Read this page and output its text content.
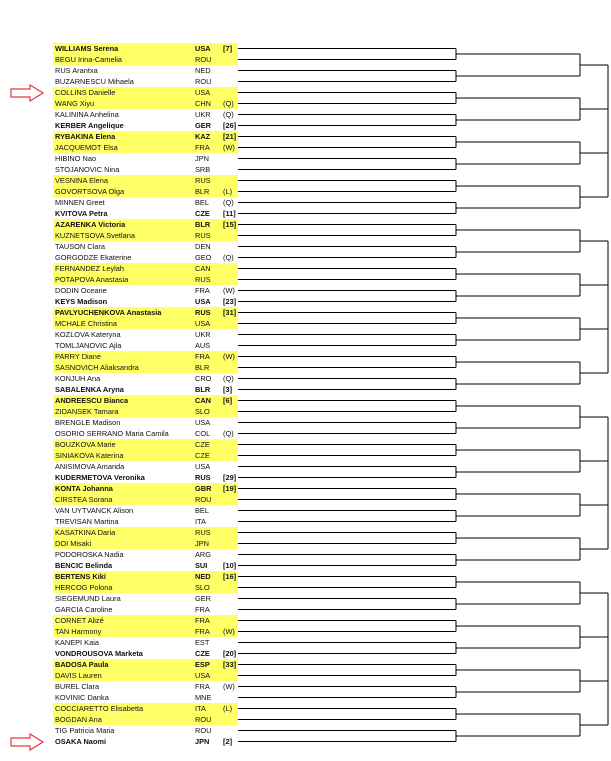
WILLIAMS Serena	USA [7]
BEGU Irina-Camelia	ROU
RUS Arantxa	NED
BUZARNESCU Mihaela	ROU
COLLINS Danielle	USA
WANG Xiyu	CHN (Q)
KALININA Anhelina	UKR (Q)
KERBER Angelique	GER [26]
RYBAKINA Elena	KAZ [21]
JACQUEMOT Elsa	FRA (W)
HIBINO Nao	JPN
STOJANOVIC Nina	SRB
VESNINA Elena	RUS
GOVORTSOVA Olga	BLR (L)
MINNEN Greet	BEL (Q)
KVITOVA Petra	CZE [11]
AZARENKA Victoria	BLR [15]
KUZNETSOVA Svetlana	RUS
TAUSON Clara	DEN
GORGODZE Ekaterine	GEO (Q)
FERNANDEZ Leylah	CAN
POTAPOVA Anastasia	RUS
DODIN Oceane	FRA (W)
KEYS Madison	USA [23]
PAVLYUCHENKOVA Anastasia	RUS [31]
MCHALE Christina	USA
KOZLOVA Kateryna	UKR
TOMLJANOVIC Ajla	AUS
PARRY Diane	FRA (W)
SASNOVICH Aliaksandra	BLR
KONJUH Ana	CRO (Q)
SABALENKA Aryna	BLR [3]
ANDREESCU Bianca	CAN [6]
ZIDANSEK Tamara	SLO
BRENGLE Madison	USA
OSORIO SERRANO Maria Camila	COL (Q)
BOUZKOVA Marie	CZE
SINIAKOVA Katerina	CZE
ANISIMOVA Amanda	USA
KUDERMETOVA Veronika	RUS [29]
KONTA Johanna	GBR [19]
CIRSTEA Sorana	ROU
VAN UYTVANCK Alison	BEL
TREVISAN Martina	ITA
KASATKINA Daria	RUS
DOI Misaki	JPN
PODOROSKA Nadia	ARG
BENCIC Belinda	SUI [10]
BERTENS Kiki	NED [16]
HERCOG Polona	SLO
SIEGEMUND Laura	GER
GARCIA Caroline	FRA
CORNET Alizé	FRA
TAN Harmony	FRA (W)
KANEPI Kaia	EST
VONDROUSOVA Marketa	CZE [20]
BADOSA Paula	ESP [33]
DAVIS Lauren	USA
BUREL Clara	FRA (W)
KOVINIC Danka	MNE
COCCIARETTO Elisabetta	ITA (L)
BOGDAN Ana	ROU
TIG Patricia Maria	ROU
OSAKA Naomi	JPN [2]
